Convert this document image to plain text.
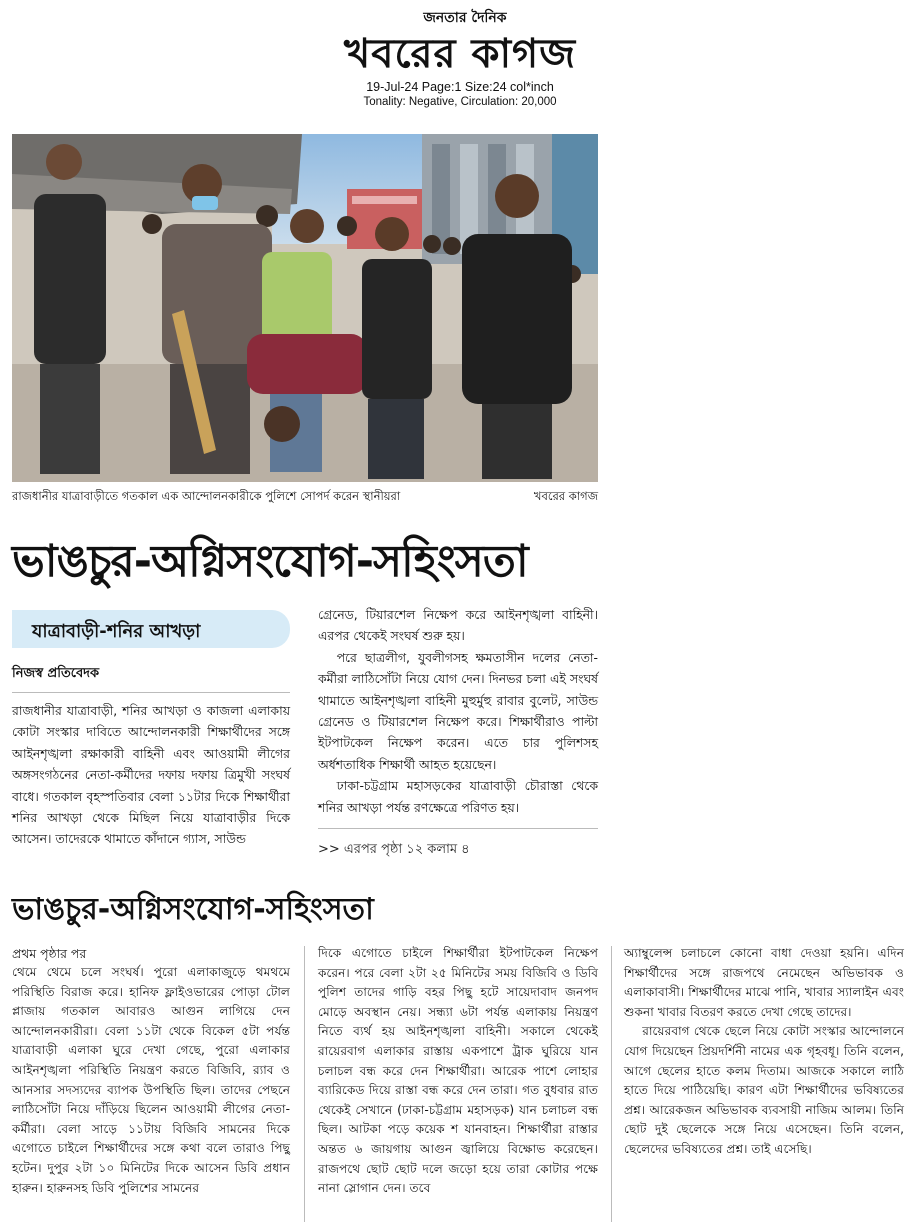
জনতার দৈনিক
খবরের কাগজ
19-Jul-24 Page:1 Size:24 col*inch
Tonality: Negative, Circulation: 20,000
রাজধানীর যাত্রাবাড়ীতে গতকাল এক আন্দোলনকারীকে পুলিশে সোপর্দ করেন স্থানীয়রা	খবরের কাগজ
ভাঙচুর-অগ্নিসংযোগ-সহিংসতা
যাত্রাবাড়ী-শনির আখড়া
নিজস্ব প্রতিবেদক

রাজধানীর যাত্রাবাড়ী, শনির আখড়া ও কাজলা এলাকায় কোটা সংস্কার দাবিতে আন্দোলনকারী শিক্ষার্থীদের সঙ্গে আইনশৃঙ্খলা রক্ষাকারী বাহিনী এবং আওয়ামী লীগের অঙ্গসংগঠনের নেতা-কর্মীদের দফায় দফায় ত্রিমুখী সংঘর্ষ বাধে। গতকাল বৃহস্পতিবার বেলা ১১টার দিকে শিক্ষার্থীরা শনির আখড়া থেকে মিছিল নিয়ে যাত্রাবাড়ীর দিকে আসেন। তাদেরকে থামাতে কাঁদানে গ্যাস, সাউন্ড

গ্রেনেড, টিয়ারশেল নিক্ষেপ করে আইনশৃঙ্খলা বাহিনী। এরপর থেকেই সংঘর্ষ শুরু হয়।

পরে ছাত্রলীগ, যুবলীগসহ ক্ষমতাসীন দলের নেতা-কর্মীরা লাঠিসোঁটা নিয়ে যোগ দেন। দিনভর চলা এই সংঘর্ষ থামাতে আইনশৃঙ্খলা বাহিনী মুহুর্মুহু রাবার বুলেট, সাউন্ড গ্রেনেড ও টিয়ারশেল নিক্ষেপ করে। শিক্ষার্থীরাও পাল্টা ইটপাটকেল নিক্ষেপ করেন। এতে চার পুলিশসহ অর্ধশতাধিক শিক্ষার্থী আহত হয়েছেন।

ঢাকা-চট্টগ্রাম মহাসড়কের যাত্রাবাড়ী চৌরাস্তা থেকে শনির আখড়া পর্যন্ত রণক্ষেত্রে পরিণত হয়।

>> এরপর পৃষ্ঠা ১২ কলাম ৪
ভাঙচুর-অগ্নিসংযোগ-সহিংসতা
প্রথম পৃষ্ঠার পর

থেমে থেমে চলে সংঘর্ষ। পুরো এলাকাজুড়ে থমথমে পরিস্থিতি বিরাজ করে। হানিফ ফ্লাইওভারের পোড়া টোল প্লাজায় গতকাল আবারও আগুন লাগিয়ে দেন আন্দোলনকারীরা। বেলা ১১টা থেকে বিকেল ৫টা পর্যন্ত যাত্রাবাড়ী এলাকা ঘুরে দেখা গেছে, পুরো এলাকার আইনশৃঙ্খলা পরিস্থিতি নিয়ন্ত্রণ করতে বিজিবি, র‍্যাব ও আনসার সদস্যদের ব্যাপক উপস্থিতি ছিল। তাদের পেছনে লাঠিসোঁটা নিয়ে দাঁড়িয়ে ছিলেন আওয়ামী লীগের নেতা-কর্মীরা। বেলা সাড়ে ১১টায় বিজিবি সামনের দিকে এগোতে চাইলে শিক্ষার্থীদের সঙ্গে কথা বলে তারাও পিছু হটেন। দুপুর ২টা ১০ মিনিটের দিকে আসেন ডিবি প্রধান হারুন। হারুনসহ ডিবি পুলিশের সামনের

দিকে এগোতে চাইলে শিক্ষার্থীরা ইটপাটকেল নিক্ষেপ করেন। পরে বেলা ২টা ২৫ মিনিটের সময় বিজিবি ও ডিবি পুলিশ তাদের গাড়ি বহর পিছু হটে সায়েদাবাদ জনপদ মোড়ে অবস্থান নেয়। সন্ধ্যা ৬টা পর্যন্ত এলাকায় নিয়ন্ত্রণ নিতে ব্যর্থ হয় আইনশৃঙ্খলা বাহিনী। সকালে থেকেই রায়েরবাগ এলাকার রাস্তায় একপাশে ট্রাক ঘুরিয়ে যান চলাচল বন্ধ করে দেন শিক্ষার্থীরা। আরেক পাশে লোহার ব্যারিকেড দিয়ে রাস্তা বন্ধ করে দেন তারা। গত বুধবার রাত থেকেই সেখানে (ঢাকা-চট্টগ্রাম মহাসড়ক) যান চলাচল বন্ধ ছিল। আটকা পড়ে কয়েক শ যানবাহন। শিক্ষার্থীরা রাস্তার অন্তত ৬ জায়গায় আগুন জ্বালিয়ে বিক্ষোভ করেছেন। রাজপথে ছোট ছোট দলে জড়ো হয়ে তারা কোটার পক্ষে নানা স্লোগান দেন। তবে

অ্যাম্বুলেন্স চলাচলে কোনো বাধা দেওয়া হয়নি। এদিন শিক্ষার্থীদের সঙ্গে রাজপথে নেমেছেন অভিভাবক ও এলাকাবাসী। শিক্ষার্থীদের মাঝে পানি, খাবার স্যালাইন এবং শুকনা খাবার বিতরণ করতে দেখা গেছে তাদের।

রায়েরবাগ থেকে ছেলে নিয়ে কোটা সংস্কার আন্দোলনে যোগ দিয়েছেন প্রিয়দর্শিনী নামের এক গৃহবধূ। তিনি বলেন, আগে ছেলের হাতে কলম দিতাম। আজকে সকালে লাঠি হাতে দিয়ে পাঠিয়েছি। কারণ এটা শিক্ষার্থীদের ভবিষ্যতের প্রশ্ন। আরেকজন অভিভাবক ব্যবসায়ী নাজিম আলম। তিনি ছোট দুই ছেলেকে সঙ্গে নিয়ে এসেছেন। তিনি বলেন, ছেলেদের ভবিষ্যতের প্রশ্ন। তাই এসেছি।
